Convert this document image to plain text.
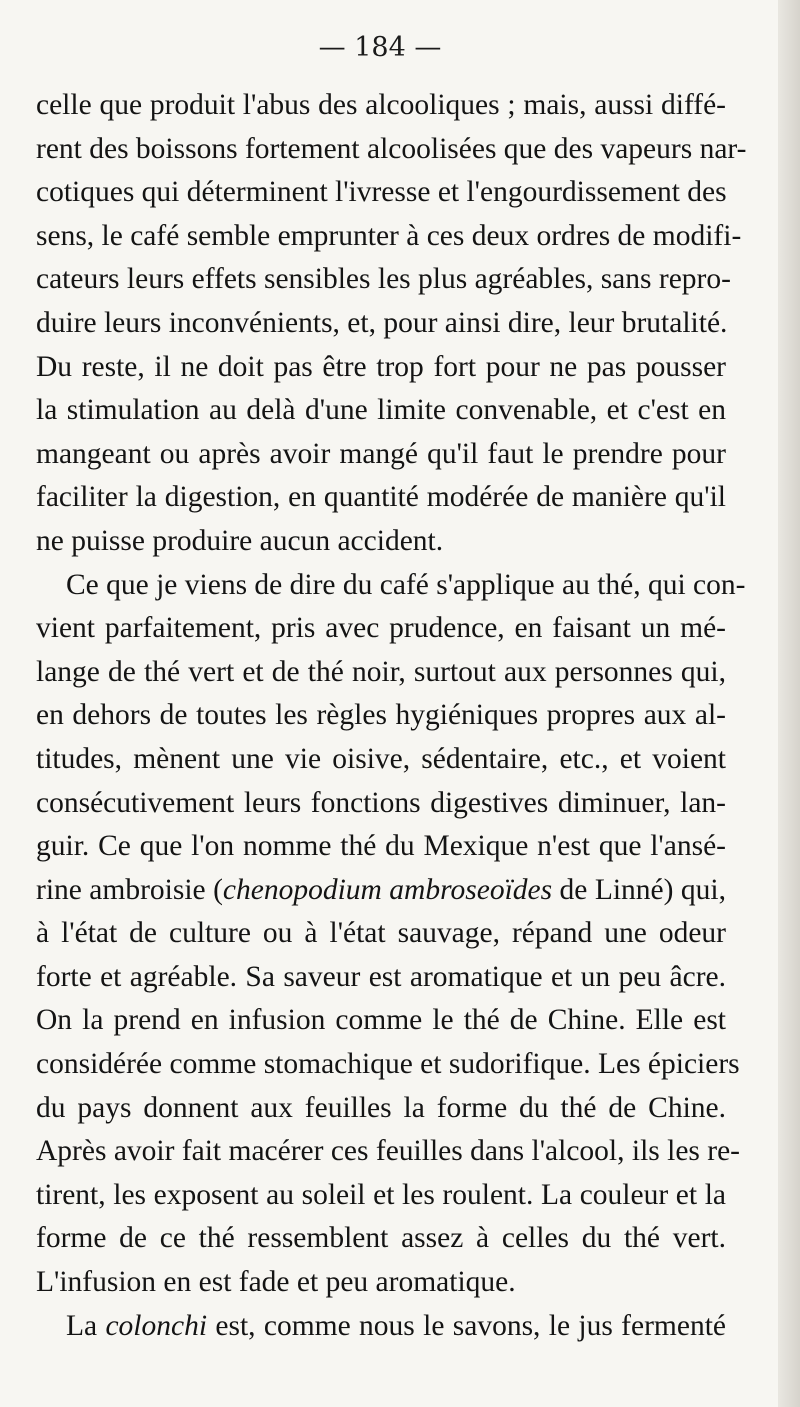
— 184 —
celle que produit l'abus des alcooliques ; mais, aussi diffé-
rent des boissons fortement alcoolisées que des vapeurs nar-
cotiques qui déterminent l'ivresse et l'engourdissement des
sens, le café semble emprunter à ces deux ordres de modifi-
cateurs leurs effets sensibles les plus agréables, sans repro-
duire leurs inconvénients, et, pour ainsi dire, leur brutalité.
Du reste, il ne doit pas être trop fort pour ne pas pousser
la stimulation au delà d'une limite convenable, et c'est en
mangeant ou après avoir mangé qu'il faut le prendre pour
faciliter la digestion, en quantité modérée de manière qu'il
ne puisse produire aucun accident.
Ce que je viens de dire du café s'applique au thé, qui con-
vient parfaitement, pris avec prudence, en faisant un mé-
lange de thé vert et de thé noir, surtout aux personnes qui,
en dehors de toutes les règles hygiéniques propres aux al-
titudes, mènent une vie oisive, sédentaire, etc., et voient
consécutivement leurs fonctions digestives diminuer, lan-
guir. Ce que l'on nomme thé du Mexique n'est que l'ansé-
rine ambroisie (chenopodium ambroseoïdes de Linné) qui,
à l'état de culture ou à l'état sauvage, répand une odeur
forte et agréable. Sa saveur est aromatique et un peu âcre.
On la prend en infusion comme le thé de Chine. Elle est
considérée comme stomachique et sudorifique. Les épiciers
du pays donnent aux feuilles la forme du thé de Chine.
Après avoir fait macérer ces feuilles dans l'alcool, ils les re-
tirent, les exposent au soleil et les roulent. La couleur et la
forme de ce thé ressemblent assez à celles du thé vert.
L'infusion en est fade et peu aromatique.
La colonchi est, comme nous le savons, le jus fermenté
